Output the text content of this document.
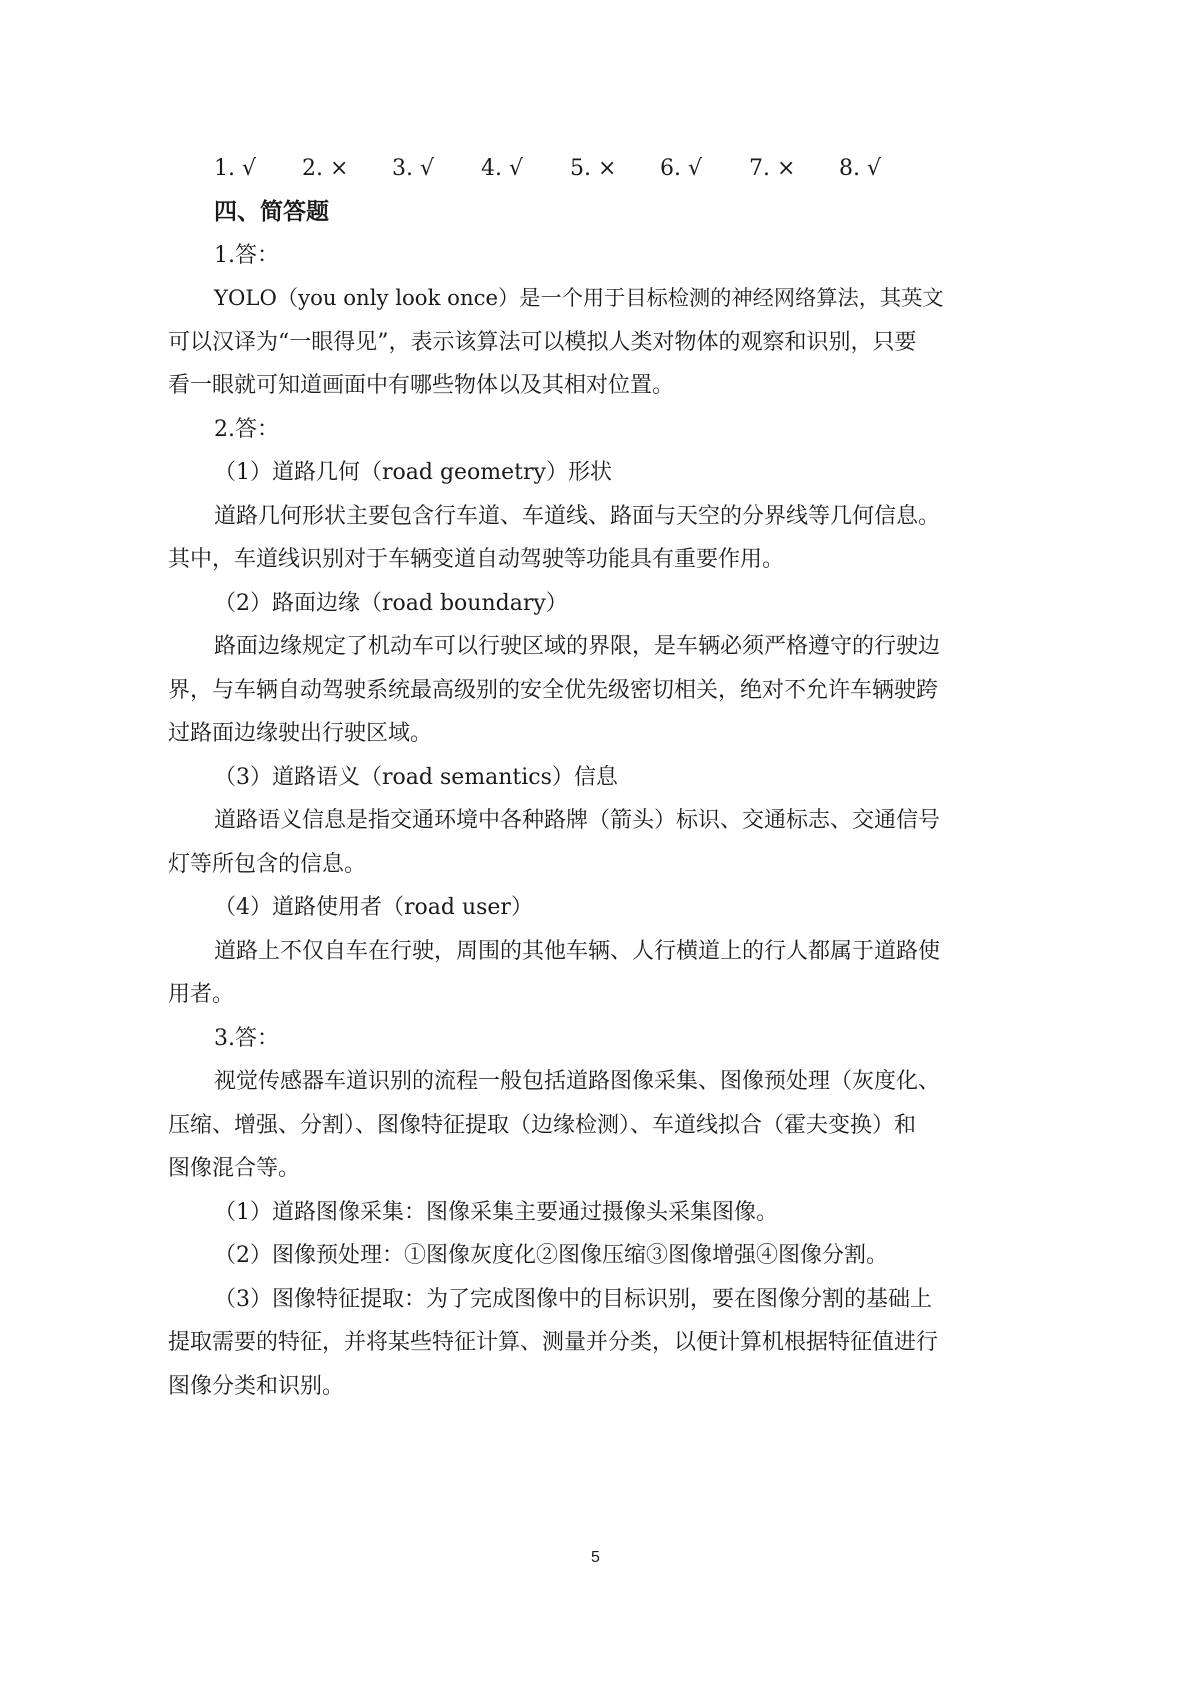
1. √ 2. × 3. √ 4. √ 5. × 6. √ 7. × 8. √
四、简答题
1.答：
YOLO（you only look once）是一个用于目标检测的神经网络算法，其英文
可以汉译为“一眼得见”，表示该算法可以模拟人类对物体的观察和识别，只要
看一眼就可知道画面中有哪些物体以及其相对位置。
2.答：
（1）道路几何（road geometry）形状
道路几何形状主要包含行车道、车道线、路面与天空的分界线等几何信息。
其中，车道线识别对于车辆变道自动驾驶等功能具有重要作用。
（2）路面边缘（road boundary）
路面边缘规定了机动车可以行驶区域的界限，是车辆必须严格遵守的行驶边
界，与车辆自动驾驶系统最高级别的安全优先级密切相关，绝对不允许车辆驶跨
过路面边缘驶出行驶区域。
（3）道路语义（road semantics）信息
道路语义信息是指交通环境中各种路牌（箭头）标识、交通标志、交通信号
灯等所包含的信息。
（4）道路使用者（road user）
道路上不仅自车在行驶，周围的其他车辆、人行横道上的行人都属于道路使
用者。
3.答：
视觉传感器车道识别的流程一般包括道路图像采集、图像预处理（灰度化、
压缩、增强、分割）、图像特征提取（边缘检测）、车道线拟合（霍夫变换）和
图像混合等。
（1）道路图像采集：图像采集主要通过摄像头采集图像。
（2）图像预处理：①图像灰度化②图像压缩③图像增强④图像分割。
（3）图像特征提取：为了完成图像中的目标识别，要在图像分割的基础上
提取需要的特征，并将某些特征计算、测量并分类，以便计算机根据特征值进行
图像分类和识别。
5
